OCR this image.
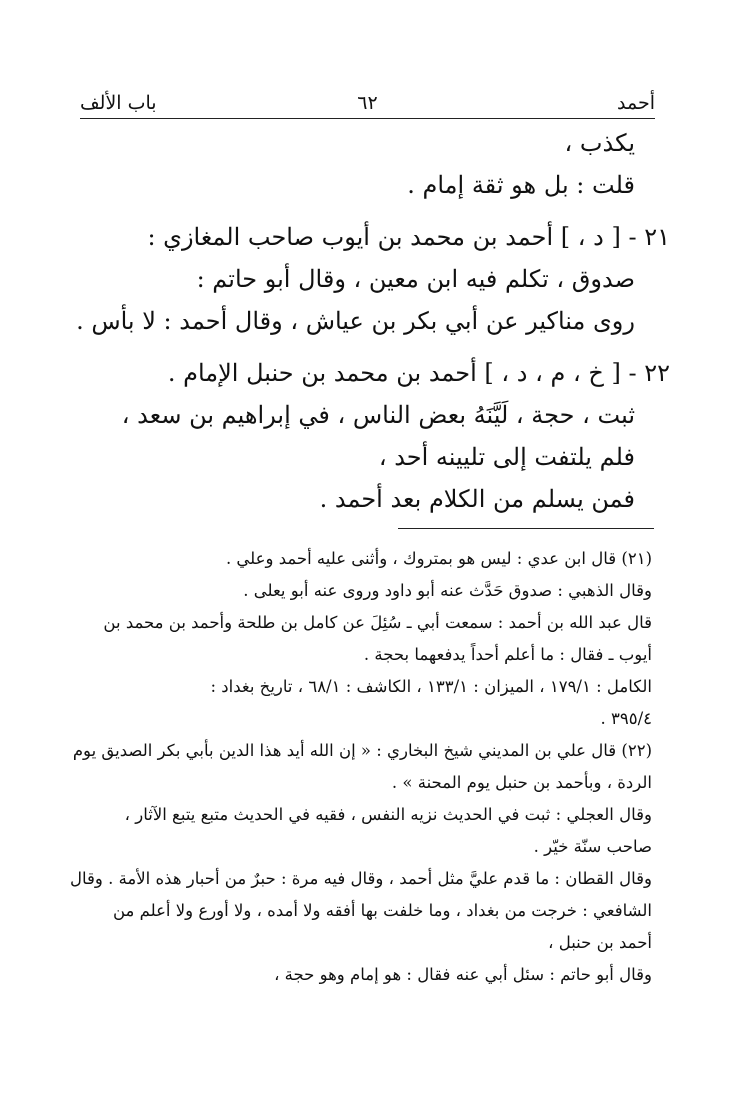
أحمد
٦٢
باب الألف
يكذب ،
قلت : بل هو ثقة إمام .
٢١ - [ د ، ] أحمد بن محمد بن أيوب صاحب المغازي :
صدوق ، تكلم فيه ابن معين ، وقال أبو حاتم :
روى مناكير عن أبي بكر بن عياش ، وقال أحمد : لا بأس .
٢٢ - [ خ ، م ، د ، ] أحمد بن محمد بن حنبل الإمام .
ثبت ، حجة ، لَيَّنَهُ بعض الناس ، في إبراهيم بن سعد ،
فلم يلتفت إلى تليينه أحد ،
فمن يسلم من الكلام بعد أحمد .
(٢١) قال ابن عدي : ليس هو بمتروك ، وأثنى عليه أحمد وعلي .
وقال الذهبي : صدوق حَدَّث عنه أبو داود وروى عنه أبو يعلى .
قال عبد الله بن أحمد : سمعت أبي ـ سُئِلَ عن كامل بن طلحة وأحمد بن محمد بن
أيوب ـ فقال : ما أعلم أحداً يدفعهما بحجة .
الكامل : ١٧٩/١ ، الميزان : ١٣٣/١ ، الكاشف : ٦٨/١ ، تاريخ بغداد :
٣٩٥/٤ .
(٢٢) قال علي بن المديني شيخ البخاري : « إن الله أيد هذا الدين بأبي بكر الصديق يوم
الردة ، وبأحمد بن حنبل يوم المحنة » .
وقال العجلي : ثبت في الحديث نزيه النفس ، فقيه في الحديث متبع يتبع الآثار ،
صاحب سنّة خيّر .
وقال القطان : ما قدم عليَّ مثل أحمد ، وقال فيه مرة : حبرٌ من أحبار هذه الأمة . وقال
الشافعي : خرجت من بغداد ، وما خلفت بها أفقه ولا أمده ، ولا أورع ولا أعلم من
أحمد بن حنبل ،
وقال أبو حاتم : سئل أبي عنه فقال : هو إمام وهو حجة ،
